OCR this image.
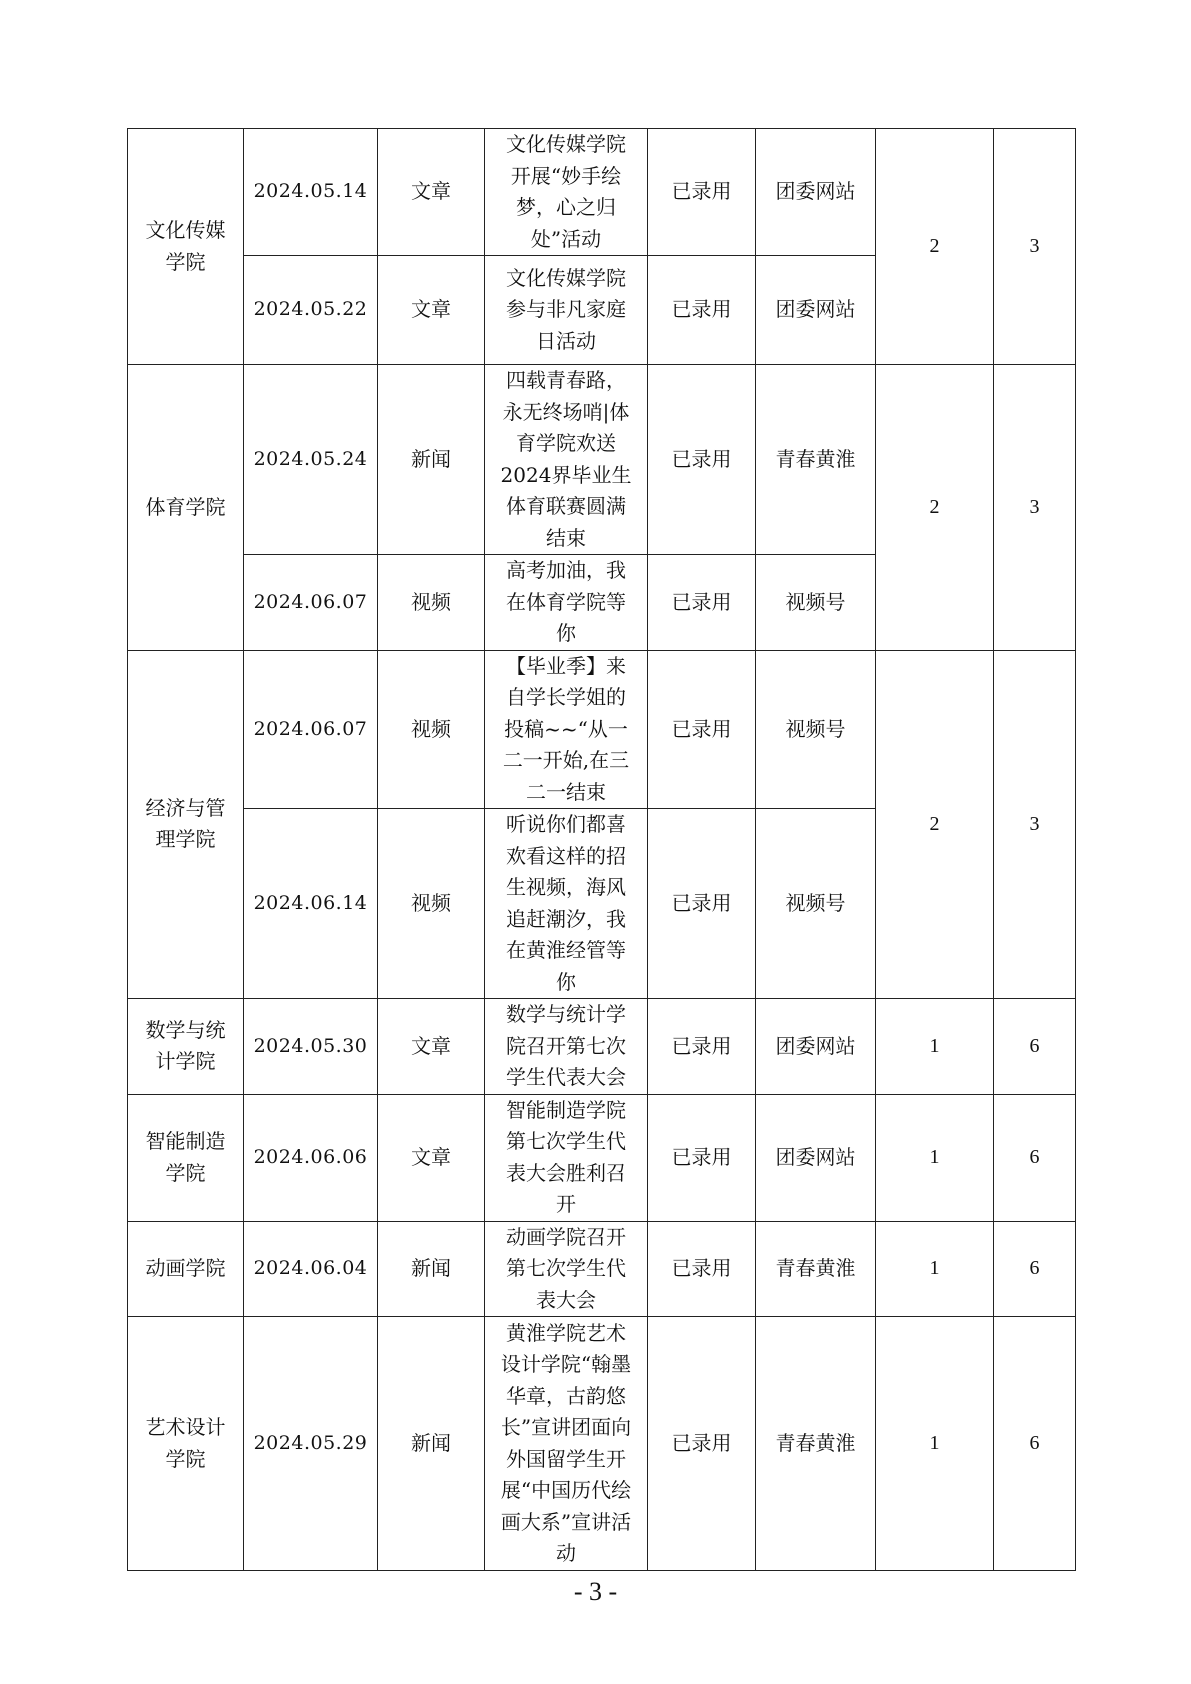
文化传媒学院	2024.05.14	文章	文化传媒学院开展“妙手绘梦，心之归处”活动	已录用	团委网站	2	3
	2024.05.22	文章	文化传媒学院参与非凡家庭日活动	已录用	团委网站		
体育学院	2024.05.24	新闻	四载青春路，永无终场哨|体育学院欢送2024界毕业生体育联赛圆满结束	已录用	青春黄淮	2	3
	2024.06.07	视频	高考加油，我在体育学院等你	已录用	视频号		
经济与管理学院	2024.06.07	视频	【毕业季】来自学长学姐的投稿~~“从一二一开始,在三二一结束	已录用	视频号	2	3
	2024.06.14	视频	听说你们都喜欢看这样的招生视频，海风追赶潮汐，我在黄淮经管等你	已录用	视频号		
数学与统计学院	2024.05.30	文章	数学与统计学院召开第七次学生代表大会	已录用	团委网站	1	6
智能制造学院	2024.06.06	文章	智能制造学院第七次学生代表大会胜利召开	已录用	团委网站	1	6
动画学院	2024.06.04	新闻	动画学院召开第七次学生代表大会	已录用	青春黄淮	1	6
艺术设计学院	2024.05.29	新闻	黄淮学院艺术设计学院“翰墨华章，古韵悠长”宣讲团面向外国留学生开展“中国历代绘画大系”宣讲活动	已录用	青春黄淮	1	6
- 3 -
